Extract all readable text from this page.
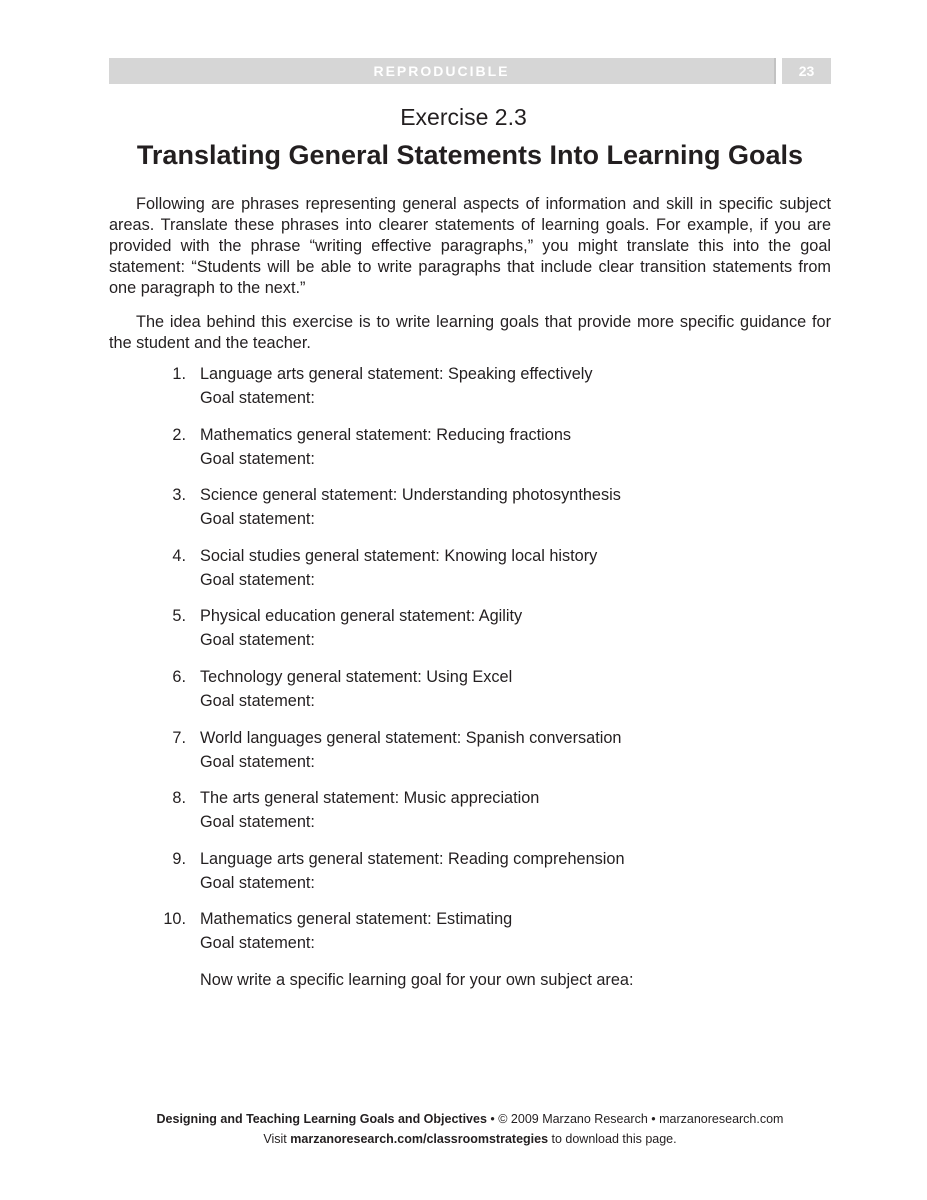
REPRODUCIBLE	23
Exercise 2.3
Translating General Statements Into Learning Goals

Following are phrases representing general aspects of information and skill in specific subject areas. Translate these phrases into clearer statements of learning goals. For example, if you are provided with the phrase “writing effective paragraphs,” you might translate this into the goal statement: “Students will be able to write paragraphs that include clear transition statements from one paragraph to the next.”

The idea behind this exercise is to write learning goals that provide more specific guidance for the student and the teacher.

1. Language arts general statement: Speaking effectively
Goal statement:
2. Mathematics general statement: Reducing fractions
Goal statement:
3. Science general statement: Understanding photosynthesis
Goal statement:
4. Social studies general statement: Knowing local history
Goal statement:
5. Physical education general statement: Agility
Goal statement:
6. Technology general statement: Using Excel
Goal statement:
7. World languages general statement: Spanish conversation
Goal statement:
8. The arts general statement: Music appreciation
Goal statement:
9. Language arts general statement: Reading comprehension
Goal statement:
10. Mathematics general statement: Estimating
Goal statement:
Now write a specific learning goal for your own subject area:
Designing and Teaching Learning Goals and Objectives • © 2009 Marzano Research • marzanoresearch.com
Visit marzanoresearch.com/classroomstrategies to download this page.
